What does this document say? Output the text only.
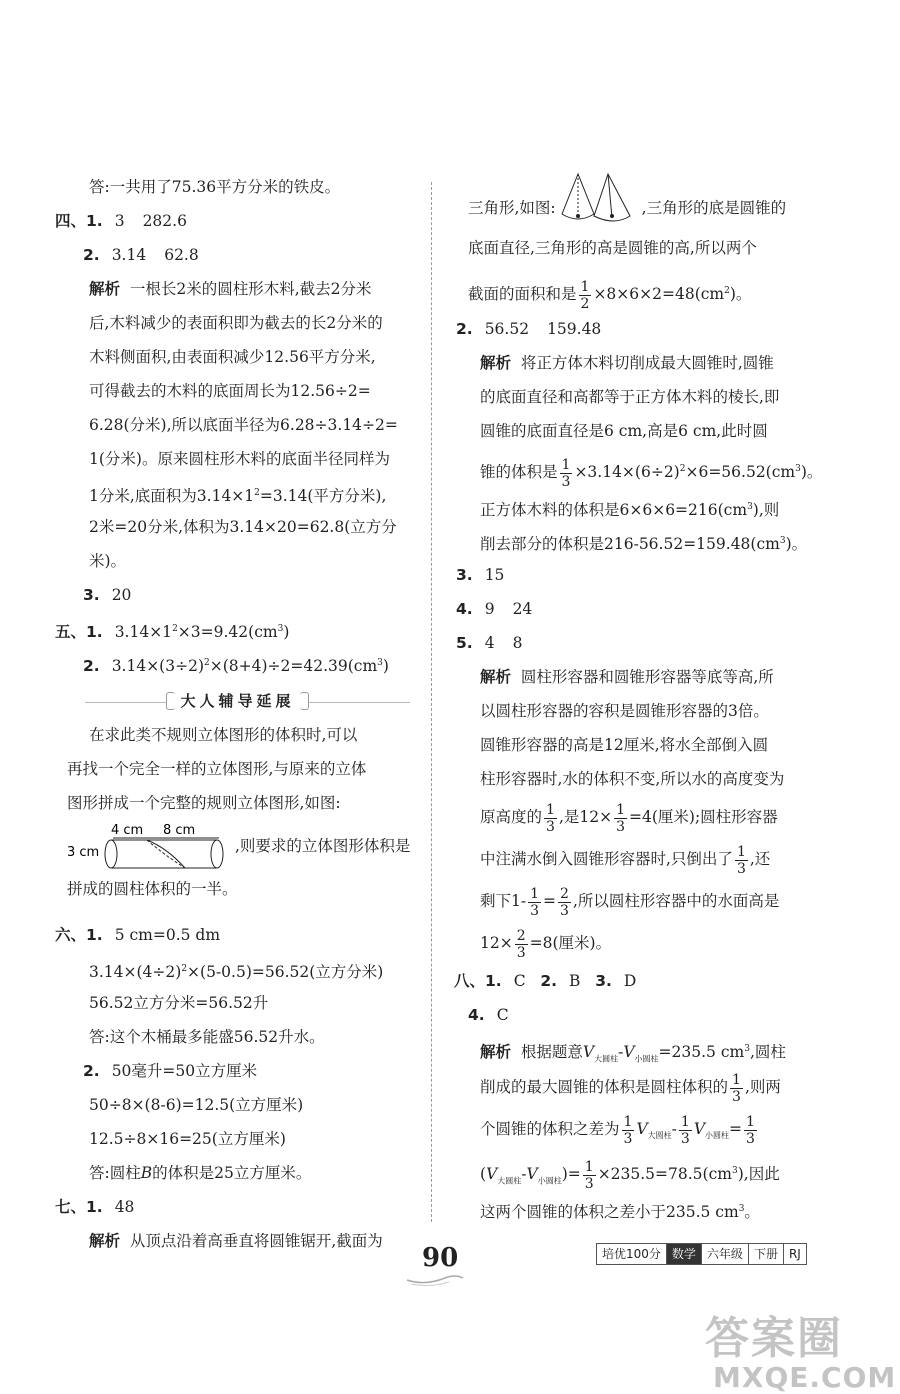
答:一共用了75.36平方分米的铁皮。
四、1. 3 282.6
2. 3.14 62.8
解析 一根长2米的圆柱形木料,截去2分米
后,木料减少的表面积即为截去的长2分米的
木料侧面积,由表面积减少12.56平方分米,
可得截去的木料的底面周长为12.56÷2=
6.28(分米),所以底面半径为6.28÷3.14÷2=
1(分米)。原来圆柱形木料的底面半径同样为
1分米,底面积为$3.14\times 1^2=3.14$(平方分米),
2米=20分米,体积为3.14×20=62.8(立方分
米)。
3. 20
五、1. $3.14\times 1^2\times 3=9.42(cm^3)$
2. $3.14\times(3\div 2)^2\times(8+4)\div 2=42.39(cm^3)$
大人辅导延展
在求此类不规则立体图形的体积时,可以
再找一个完全一样的立体图形,与原来的立体
图形拼成一个完整的规则立体图形,如图:
4 cm 8 cm
3 cm	,则要求的立体图形体积是
拼成的圆柱体积的一半。
六、1. 5 cm=0.5 dm
$3.14\times(4\div 2)^2\times(5-0.5)=56.52$(立方分米)
56.52立方分米=56.52升
答:这个木桶最多能盛56.52升水。
2. 50毫升=50立方厘米
50÷8×(8-6)=12.5(立方厘米)
12.5÷8×16=25(立方厘米)
答:圆柱B的体积是25立方厘米。
七、1. 48
解析 从顶点沿着高垂直将圆锥锯开,截面为
三角形,如图:	,三角形的底是圆锥的
底面直径,三角形的高是圆锥的高,所以两个
截面的面积和是 $\frac{1}{2} \times 8\times 6\times 2=48(cm^2)$。
2. 56.52 159.48
解析 将正方体木料切削成最大圆锥时,圆锥
的底面直径和高都等于正方体木料的棱长,即
圆锥的底面直径是6 cm,高是6 cm,此时圆
锥的体积是 $\frac{1}{3} \times 3.14\times(6\div 2)^2\times 6=56.52(cm^3)$。
正方体木料的体积是$6\times 6\times 6=216(cm^3)$,则
削去部分的体积是$216-56.52=159.48(cm^3)$。
3. 15
4. 9 24
5. 4 8
解析 圆柱形容器和圆锥形容器等底等高,所
以圆柱形容器的容积是圆锥形容器的3倍。
圆锥形容器的高是12厘米,将水全部倒入圆
柱形容器时,水的体积不变,所以水的高度变为
原高度的 $\frac{1}{3}$ ,是$12\times \frac{1}{3} =4$(厘米);圆柱形容器
中注满水倒入圆锥形容器时,只倒出了 $\frac{1}{3}$ ,还
剩下$1- \frac{1}{3} = \frac{2}{3}$ ,所以圆柱形容器中的水面高是
$12\times \frac{2}{3} =8$(厘米)。
八、1. C 2. B 3. D
4. C
解析 根据题意$V_{大圆柱}-V_{小圆柱}=235.5$ $cm^3$,圆柱
削成的最大圆锥的体积是圆柱体积的 $\frac{1}{3}$ ,则两
个圆锥的体积之差为 $\frac{1}{3} V_{大圆柱}- \frac{1}{3} V_{小圆柱}= \frac{1}{3}$
$(V_{大圆柱}-V_{小圆柱})= \frac{1}{3} \times 235.5=78.5(cm^3)$,因此
这两个圆锥的体积之差小于235.5 $cm^3$。
90	培优100分 数学 六年级 下册 RJ
答案圈
MXQE.COM
